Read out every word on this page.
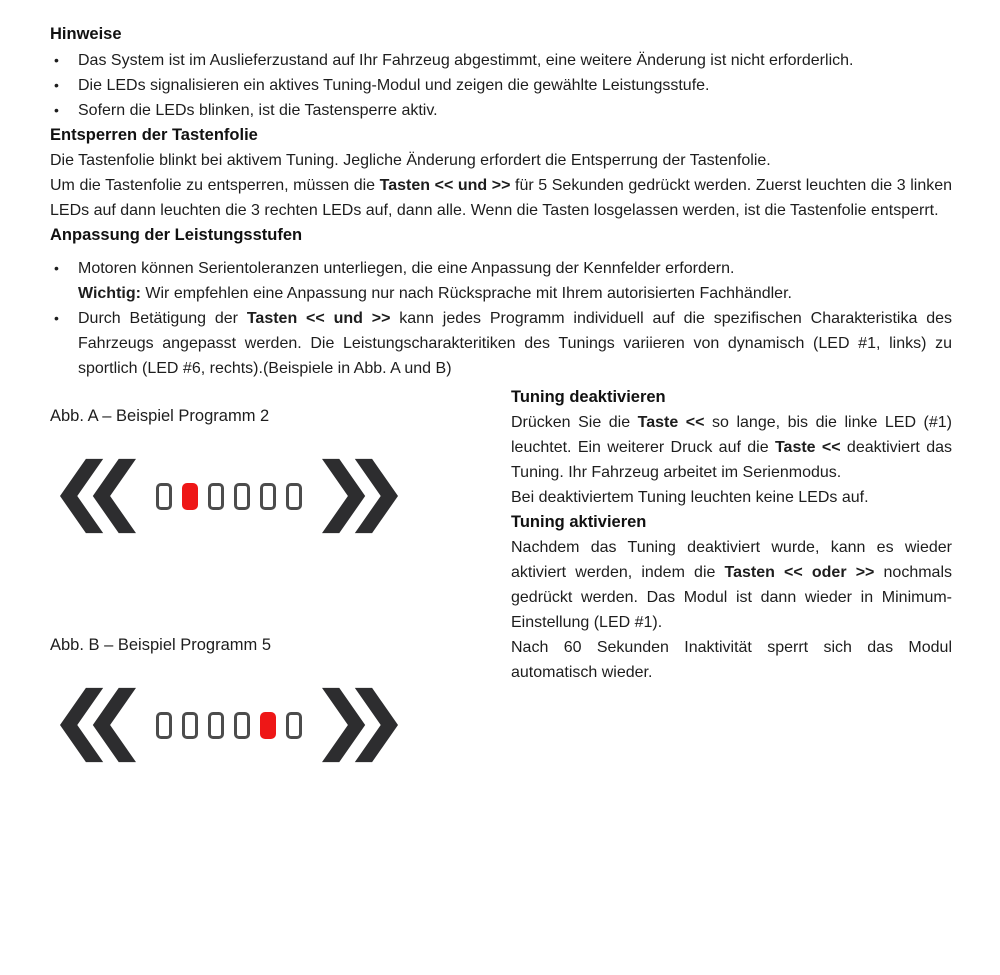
Hinweise
•	Das System ist im Auslieferzustand auf Ihr Fahrzeug abgestimmt, eine weitere Änderung ist nicht erforderlich.

•	Die LEDs signalisieren ein aktives Tuning-Modul und zeigen die gewählte Leistungsstufe.

•	Sofern die LEDs blinken, ist die Tastensperre aktiv.

Entsperren der Tastenfolie

Die Tastenfolie blinkt bei aktivem Tuning. Jegliche Änderung erfordert die Entsperrung der Tastenfolie.

Um die Tastenfolie zu entsperren, müssen die Tasten << und >> für 5 Sekunden gedrückt werden. Zuerst leuchten die 3 linken LEDs auf dann leuchten die 3 rechten LEDs auf, dann alle. Wenn die Tasten losgelassen werden, ist die Tastenfolie entsperrt.

Anpassung der Leistungsstufen
•	Motoren können Serientoleranzen unterliegen, die eine Anpassung der Kennfelder erfordern.

Wichtig: Wir empfehlen eine Anpassung nur nach Rücksprache mit Ihrem autorisierten Fachhändler.

•	Durch Betätigung der Tasten << und >> kann jedes Programm individuell auf die spezifischen Charakteristika des Fahrzeugs angepasst werden. Die Leistungscharakteritiken des Tunings variieren von dynamisch (LED #1, links) zu sportlich (LED #6, rechts).(Beispiele in Abb. A und B)

Abb. A – Beispiel Programm 2

Abb. B – Beispiel Programm 5

Tuning deaktivieren

Drücken Sie die Taste << so lange, bis die linke LED (#1) leuchtet. Ein weiterer Druck auf die Taste << deaktiviert das Tuning. Ihr Fahrzeug arbeitet im Serienmodus.

Bei deaktiviertem Tuning leuchten keine LEDs auf.

Tuning aktivieren

Nachdem das Tuning deaktiviert wurde, kann es wieder aktiviert werden, indem die Tasten << oder >> nochmals gedrückt werden. Das Modul ist dann wieder in Minimum-Einstellung (LED #1).

Nach 60 Sekunden Inaktivität sperrt sich das Modul automatisch wieder.
